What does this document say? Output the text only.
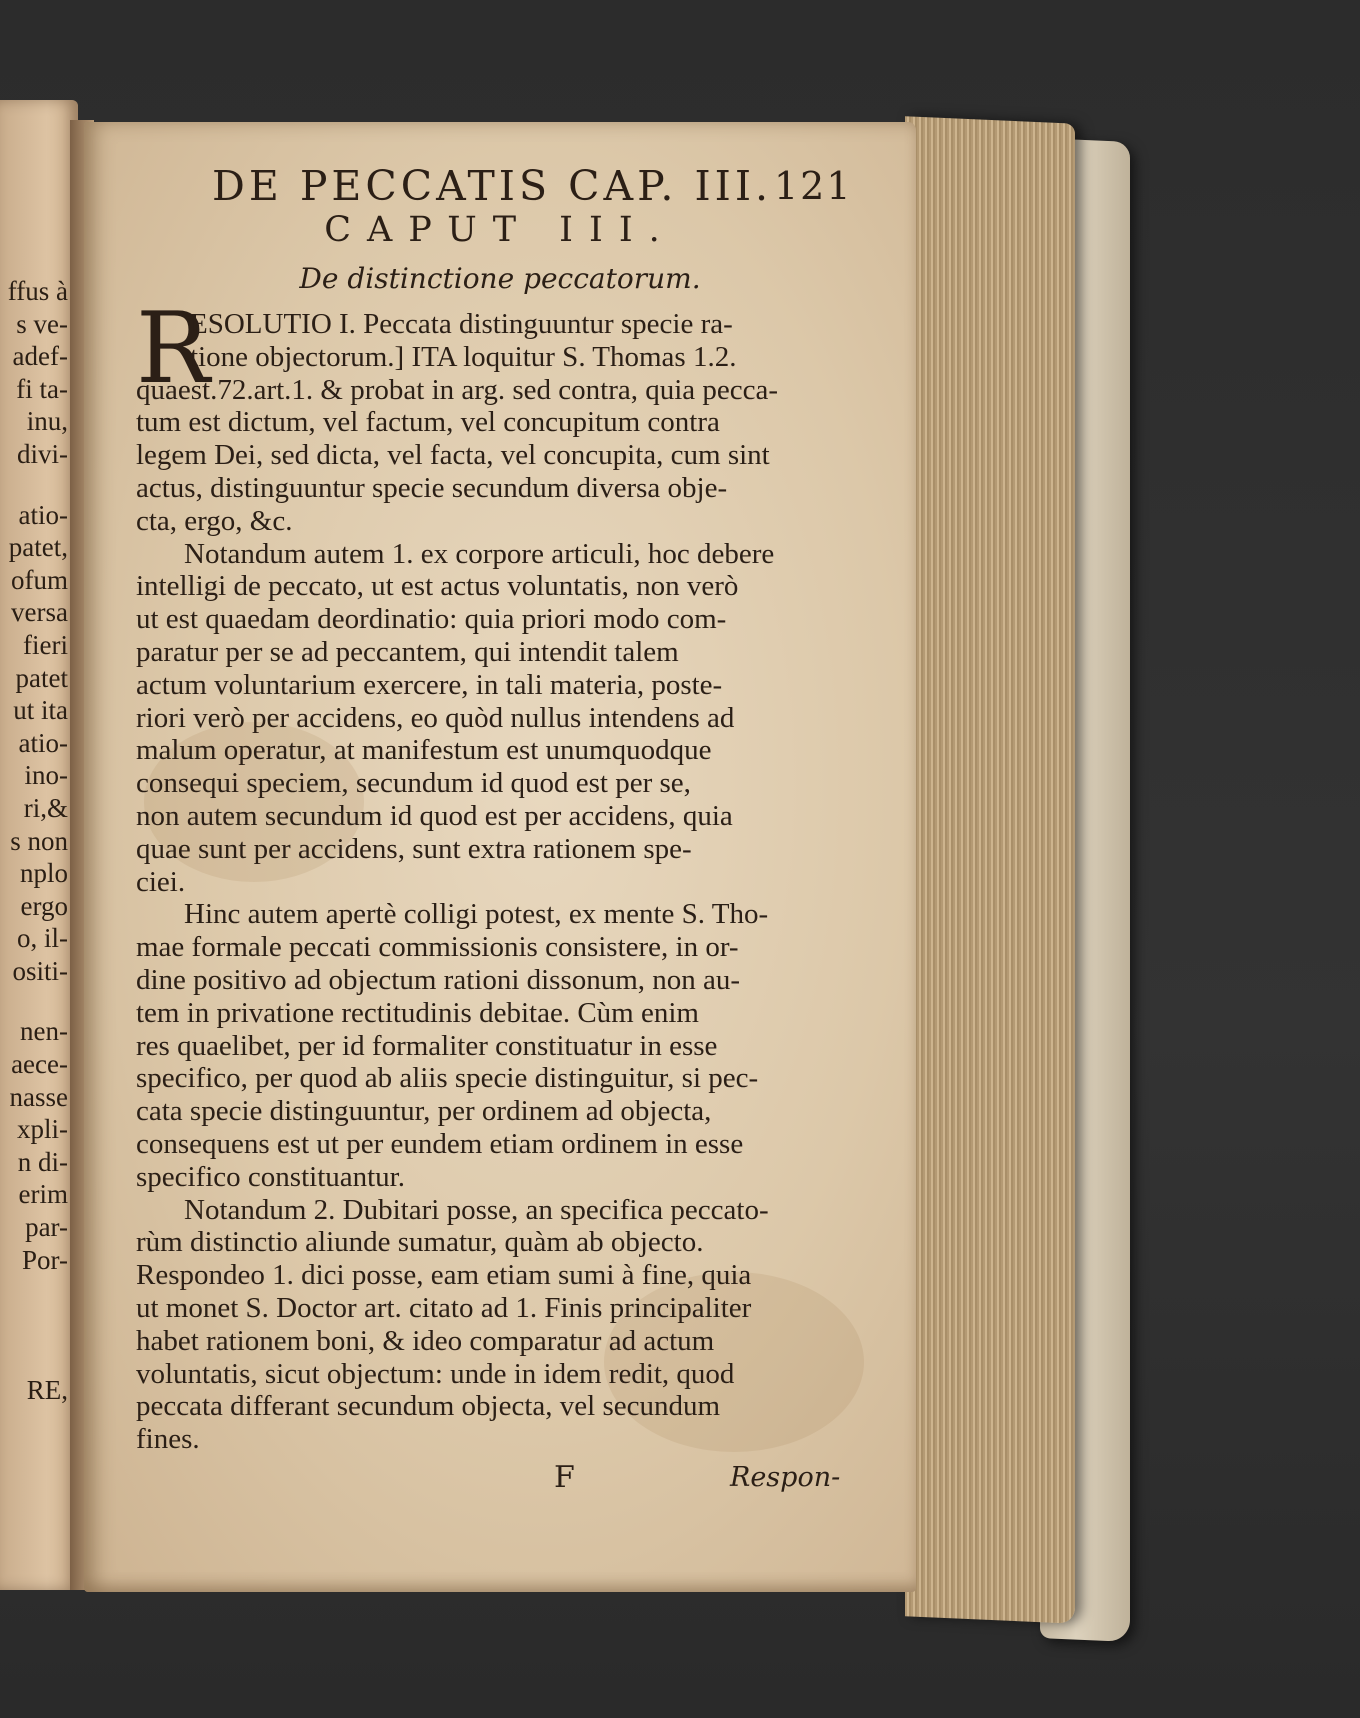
ffus à
s ve-
adef-
fi ta-
inu,
divi-
atio-
patet,
ofum
versa
fieri
patet
ut ita
atio-
ino-
ri,&
s non
nplo
ergo
o, il-
ositi-
nen-
aece-
nasse
xpli-
n di-
erim
par-
Por-
RE,
DE PECCATIS CAP. III. 121
CAPUT III.
De distinctione peccatorum.
R
ESOLUTIO I. Peccata distinguuntur specie ra-
tione objectorum.] ITA loquitur S. Thomas 1.2.
quaest.72.art.1. & probat in arg. sed contra, quia pecca-
tum est dictum, vel factum, vel concupitum contra
legem Dei, sed dicta, vel facta, vel concupita, cum sint
actus, distinguuntur specie secundum diversa obje-
cta, ergo, &c.
Notandum autem 1. ex corpore articuli, hoc debere
intelligi de peccato, ut est actus voluntatis, non verò
ut est quaedam deordinatio: quia priori modo com-
paratur per se ad peccantem, qui intendit talem
actum voluntarium exercere, in tali materia, poste-
riori verò per accidens, eo quòd nullus intendens ad
malum operatur, at manifestum est unumquodque
consequi speciem, secundum id quod est per se,
non autem secundum id quod est per accidens, quia
quae sunt per accidens, sunt extra rationem spe-
ciei.
Hinc autem apertè colligi potest, ex mente S. Tho-
mae formale peccati commissionis consistere, in or-
dine positivo ad objectum rationi dissonum, non au-
tem in privatione rectitudinis debitae. Cùm enim
res quaelibet, per id formaliter constituatur in esse
specifico, per quod ab aliis specie distinguitur, si pec-
cata specie distinguuntur, per ordinem ad objecta,
consequens est ut per eundem etiam ordinem in esse
specifico constituantur.
Notandum 2. Dubitari posse, an specifica peccato-
rùm distinctio aliunde sumatur, quàm ab objecto.
Respondeo 1. dici posse, eam etiam sumi à fine, quia
ut monet S. Doctor art. citato ad 1. Finis principaliter
habet rationem boni, & ideo comparatur ad actum
voluntatis, sicut objectum: unde in idem redit, quod
peccata differant secundum objecta, vel secundum
fines.
F	Respon-
